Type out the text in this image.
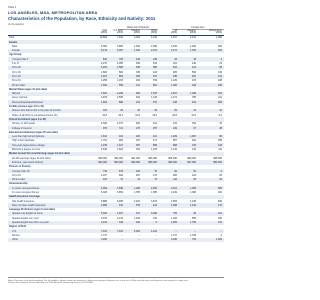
Table 1
LOS ANGELES, MSA, METROPOLITAN AREA
Characteristics of the Population, by Race, Ethnicity and Nativity: 2011
(in thousands)
Native-born Hispanics	Foreign-born
Total	U.S.-born	Hispanic	White	All	Hispanic	Foreign-born
(ABS)	(ABS)	(ABS)	(ABS)	(ABS)	(ABS)	(ABS)
Total	12,829	7,912	3,004	4,104	4,917	2,412	1,006
Gender
Male	6,350	3,905	1,510	2,030	2,445	1,256	482
Female	6,479	4,007	1,494	2,074	2,472	1,156	524
Age Group
Younger than 5	816	783	419	198	33	18	4
5 to 17	2,276	2,055	932	612	221	146	31
18 to 29	2,252	1,589	648	680	663	414	98
30 to 39	1,806	881	345	443	925	552	136
40 to 49	1,827	892	295	497	935	481	164
50 to 64	2,258	1,153	264	793	1,105	473	238
65 and older	1,594	559	101	881	1,035	328	335
Marital Status (ages 15 and older)
Married	4,823	2,296	684	1,515	2,527	1,188	543
Never married	3,979	2,505	924	1,146	1,474	789	211
Divorced/separated/widowed	1,804	886	231	570	918	431	206
Fertility (women ages 15 to 44)
Women who had a birth in the past 12 months	163	94	46	29	69	44	10
Share of all births to unmarried women (%)	34.8	43.3	51.8	19.6	23.8	31.9	9.2
School Enrollment (ages 3 to 34)
Nursery to 12th grade	2,302	2,071	932	614	231	152	33
College or beyond	970	721	273	257	249	97	38
Educational Attainment (ages 25 and older)
Less than high school diploma	1,813	404	200	101	1,409	1,097	98
High school graduate	1,761	904	297	471	857	404	185
Two-year degree/some college	2,235	1,427	387	859	808	278	218
Bachelor's degree or more	2,648	1,522	202	1,076	1,126	134	411
Median Annual Personal Earnings (ages 16 and older)
All with earnings (ages 16 and older)	$30,000	$32,000	$21,000	$45,000	$25,000	$20,000	$36,000
Full-time, year-round workers	$43,000	$50,000	$36,000	$65,000	$35,000	$27,000	$50,000
Persons in Poverty
Younger than 18	735	675	446	76	60	50	6
18 to 64	1,207	602	287	170	605	414	83
65 and older	163	47	14	72	116	53	29
Homeownership
In owner-occupied homes	6,369	3,948	1,208	2,456	2,421	1,005	565
In renter-occupied homes	6,303	3,854	1,785	1,585	2,449	1,398	430
Health Insurance Coverage
Has health insurance	9,889	6,935	2,481	3,673	2,954	1,245	832
Does not have health insurance	2,889	941	515	410	1,948	1,164	170
Language Proficiency (ages 5 and older)
Speaks only English at home	5,393	4,637	617	3,298	756	48	191
Speaks English very well	3,376	2,134	1,642	152	1,242	556	336
Speaks English less than very well	3,244	339	326	5	2,905	1,790	444
Region of Birth
U.S.	7,912	7,912	3,004	4,104	--	--	--
Mexico	1,737	--	--	--	1,737	1,709	4
Other	3,180	--	--	--	3,180	703	1,002
Notes: Universe is the total population. For all variables, figures shown are based on a three-year average. Hispanics are of any race. Whites include only non-Hispanics who reported a single race.
Source: Pew Hispanic Center tabulations of 2011 American Community Survey (1% IPUMS).
